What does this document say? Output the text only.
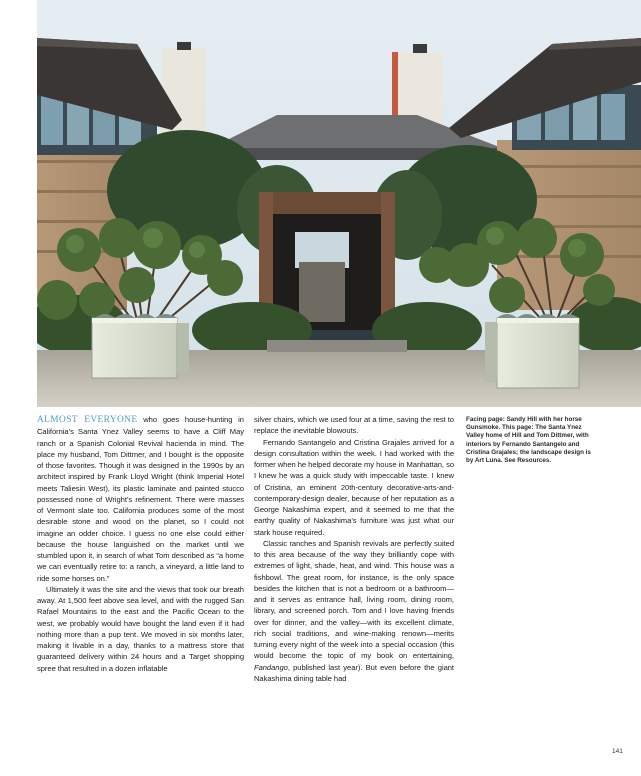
ALMOST EVERYONE who goes house-hunting in California’s Santa Ynez Valley seems to have a Cliff May ranch or a Spanish Colonial Revival hacienda in mind. The place my husband, Tom Dittmer, and I bought is the opposite of those favorites. Though it was designed in the 1990s by an architect inspired by Frank Lloyd Wright (think Imperial Hotel meets Taliesin West), its plastic laminate and painted stucco possessed none of Wright’s refinement. There were masses of Vermont slate too. California produces some of the most desirable stone and wood on the planet, so I could not imagine an odder choice. I guess no one else could either because the house languished on the market until we stumbled upon it, in search of what Tom described as “a home we can eventually retire to: a ranch, a vineyard, a little land to ride some horses on.”

Ultimately it was the site and the views that took our breath away. At 1,500 feet above sea level, and with the rugged San Rafael Mountains to the east and the Pacific Ocean to the west, we probably would have bought the land even if it had nothing more than a pup tent. We moved in six months later, making it livable in a day, thanks to a mattress store that guaranteed delivery within 24 hours and a Target shopping spree that resulted in a dozen inflatable

silver chairs, which we used four at a time, saving the rest to replace the inevitable blowouts.

Fernando Santangelo and Cristina Grajales arrived for a design consultation within the week. I had worked with the former when he helped decorate my house in Manhattan, so I knew he was a quick study with impeccable taste. I knew of Cristina, an eminent 20th-century decorative-arts-and-contemporary-design dealer, because of her reputation as a George Nakashima expert, and it seemed to me that the earthy quality of Nakashima’s furniture was just what our stark house required.

Classic ranches and Spanish revivals are perfectly suited to this area because of the way they brilliantly cope with extremes of light, shade, heat, and wind. This house was a fishbowl. The great room, for instance, is the only space besides the kitchen that is not a bedroom or a bathroom—and it serves as entrance hall, living room, dining room, library, and screened porch. Tom and I love having friends over for dinner, and the valley—with its excellent climate, rich social traditions, and wine-making renown—merits turning every night of the week into a special occasion (this would become the topic of my book on entertaining, Fandango, published last year). But even before the giant Nakashima dining table had

Facing page: Sandy Hill with her horse Gunsmoke. This page: The Santa Ynez Valley home of Hill and Tom Dittmer, with interiors by Fernando Santangelo and Cristina Grajales; the landscape design is by Art Luna. See Resources.
141
